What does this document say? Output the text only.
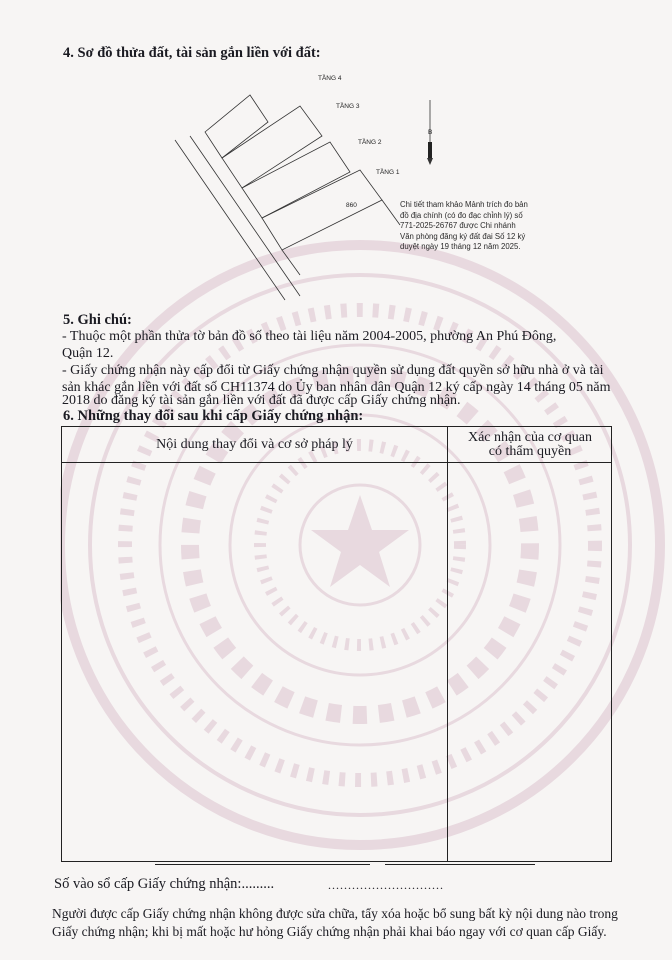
4. Sơ đồ thửa đất, tài sản gắn liền với đất:

TẦNG 4
TẦNG 3
TẦNG 2
TẦNG 1
B
860	Chi tiết tham khảo Mảnh trích đo bản
đồ địa chính (có đo đạc chỉnh lý) số
771-2025-26767 được Chi nhánh
Văn phòng đăng ký đất đai Số 12 ký
duyệt ngày 19 tháng 12 năm 2025.

5. Ghi chú:

- Thuộc một phần thửa tờ bản đồ số theo tài liệu năm 2004-2005, phường An Phú Đông,

Quận 12.

- Giấy chứng nhận này cấp đổi từ Giấy chứng nhận quyền sử dụng đất quyền sở hữu nhà ở và tài

sản khác gắn liền với đất số CH11374 do Ủy ban nhân dân Quận 12 ký cấp ngày 14 tháng 05 năm

2018 do đăng ký tài sản gắn liền với đất đã được cấp Giấy chứng nhận.

6. Những thay đổi sau khi cấp Giấy chứng nhận:

Nội dung thay đổi và cơ sở pháp lý	Xác nhận của cơ quan
có thẩm quyền
Số vào sổ cấp Giấy chứng nhận:.........	.............................
Người được cấp Giấy chứng nhận không được sửa chữa, tẩy xóa hoặc bổ sung bất kỳ nội dung nào trong
Giấy chứng nhận; khi bị mất hoặc hư hỏng Giấy chứng nhận phải khai báo ngay với cơ quan cấp Giấy.
